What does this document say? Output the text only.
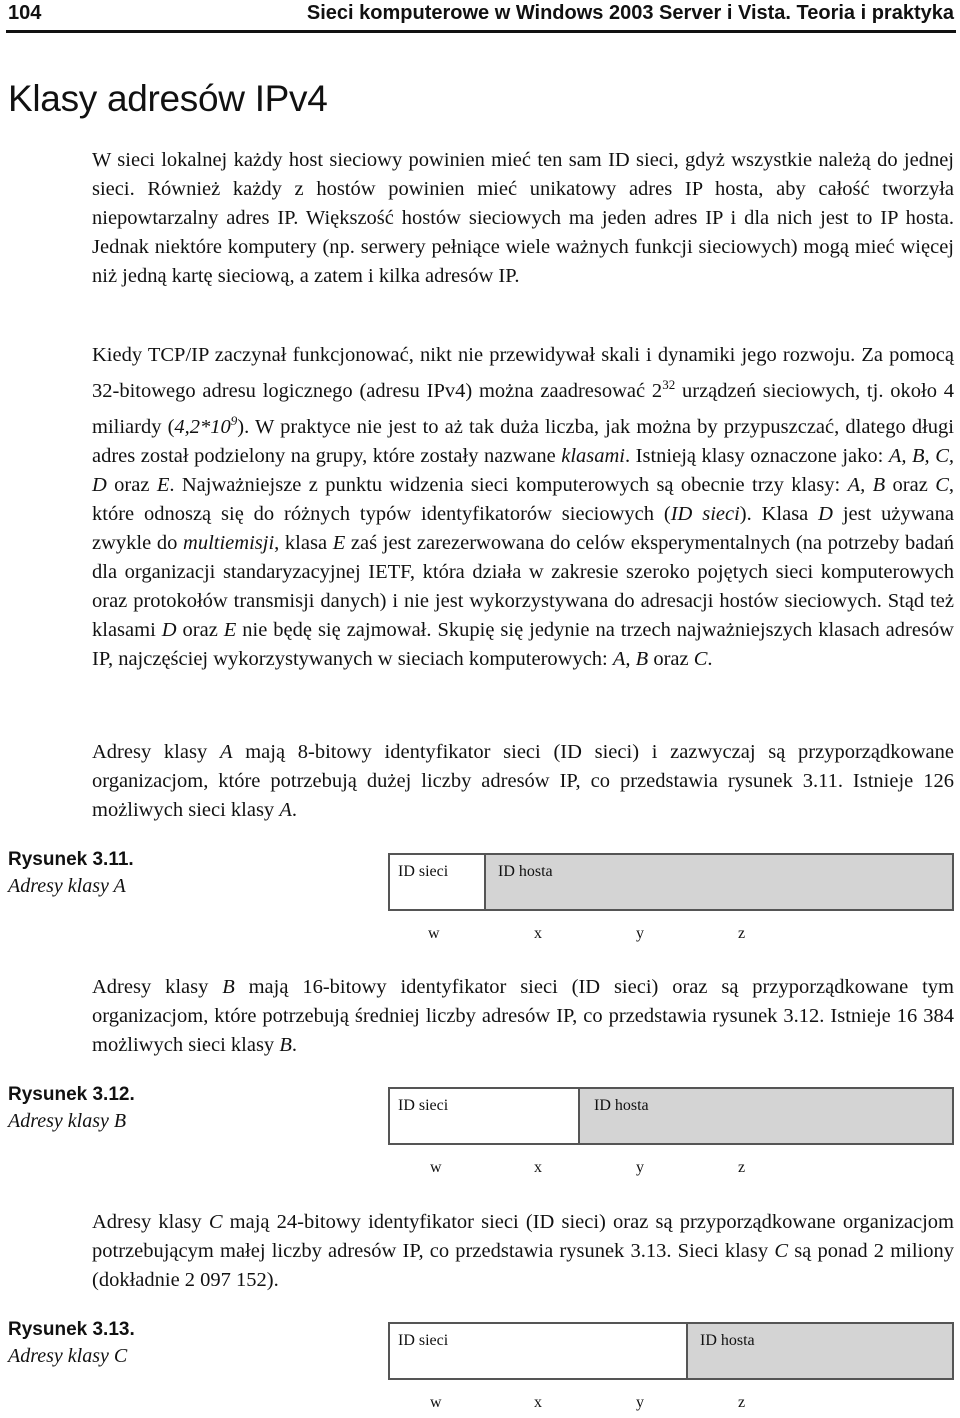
104	Sieci komputerowe w Windows 2003 Server i Vista. Teoria i praktyka
Klasy adresów IPv4

W sieci lokalnej każdy host sieciowy powinien mieć ten sam ID sieci, gdyż wszystkie należą do jednej sieci. Również każdy z hostów powinien mieć unikatowy adres IP hosta, aby całość tworzyła niepowtarzalny adres IP. Większość hostów sieciowych ma jeden adres IP i dla nich jest to IP hosta. Jednak niektóre komputery (np. serwery pełniące wiele ważnych funkcji sieciowych) mogą mieć więcej niż jedną kartę sieciową, a zatem i kilka adresów IP.

Kiedy TCP/IP zaczynał funkcjonować, nikt nie przewidywał skali i dynamiki jego rozwoju. Za pomocą 32-bitowego adresu logicznego (adresu IPv4) można zaadresować $2^{32}$ urządzeń sieciowych, tj. około 4 miliardy $(4,2*10^9)$. W praktyce nie jest to aż tak duża liczba, jak można by przypuszczać, dlatego długi adres został podzielony na grupy, które zostały nazwane klasami. Istnieją klasy oznaczone jako: A, B, C, D oraz E. Najważniejsze z punktu widzenia sieci komputerowych są obecnie trzy klasy: A, B oraz C, które odnoszą się do różnych typów identyfikatorów sieciowych (ID sieci). Klasa D jest używana zwykle do multiemisji, klasa E zaś jest zarezerwowana do celów eksperymentalnych (na potrzeby badań dla organizacji standaryzacyjnej IETF, która działa w zakresie szeroko pojętych sieci komputerowych oraz protokołów transmisji danych) i nie jest wykorzystywana do adresacji hostów sieciowych. Stąd też klasami D oraz E nie będę się zajmował. Skupię się jedynie na trzech najważniejszych klasach adresów IP, najczęściej wykorzystywanych w sieciach komputerowych: A, B oraz C.

Adresy klasy A mają 8-bitowy identyfikator sieci (ID sieci) i zazwyczaj są przyporządkowane organizacjom, które potrzebują dużej liczby adresów IP, co przedstawia rysunek 3.11. Istnieje 126 możliwych sieci klasy A.

Rysunek 3.11.
Adresy klasy A
ID sieci	ID hosta
w	x	y	z

Adresy klasy B mają 16-bitowy identyfikator sieci (ID sieci) oraz są przyporządkowane tym organizacjom, które potrzebują średniej liczby adresów IP, co przedstawia rysunek 3.12. Istnieje 16 384 możliwych sieci klasy B.

Rysunek 3.12.
Adresy klasy B
ID sieci	ID hosta
w	x	y	z

Adresy klasy C mają 24-bitowy identyfikator sieci (ID sieci) oraz są przyporządkowane organizacjom potrzebującym małej liczby adresów IP, co przedstawia rysunek 3.13. Sieci klasy C są ponad 2 miliony (dokładnie 2 097 152).

Rysunek 3.13.
Adresy klasy C
ID sieci	ID hosta
w	x	y	z
